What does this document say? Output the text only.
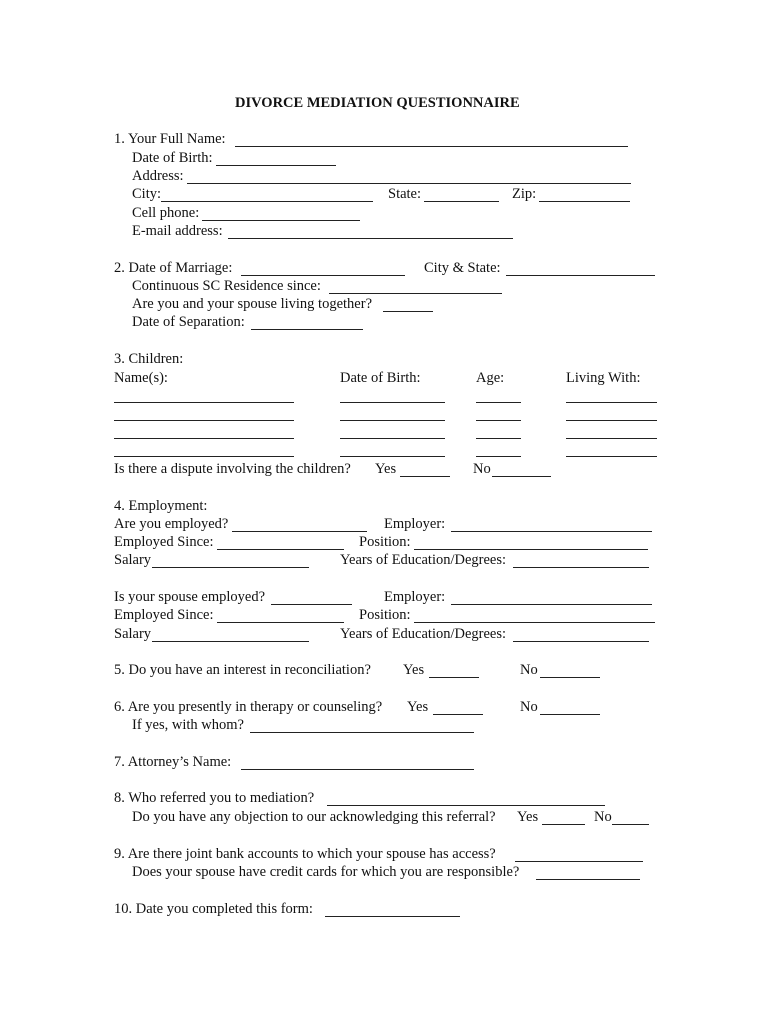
DIVORCE MEDIATION QUESTIONNAIRE
1. Your Full Name:
Date of Birth:
Address:
City:	State:	Zip:
Cell phone:
E-mail address:
2. Date of Marriage:	City & State:
Continuous SC Residence since:
Are you and your spouse living together?
Date of Separation:
3. Children:
Name(s):	Date of Birth:	Age:	Living With:
Is there a dispute involving the children? Yes	No
4. Employment:
Are you employed?	Employer:
Employed Since:	Position:
Salary	Years of Education/Degrees:
Is your spouse employed?	Employer:
Employed Since:	Position:
Salary	Years of Education/Degrees:
5. Do you have an interest in reconciliation? Yes	No
6. Are you presently in therapy or counseling? Yes	No
If yes, with whom?
7. Attorney’s Name:
8. Who referred you to mediation?
Do you have any objection to our acknowledging this referral? Yes	No
9. Are there joint bank accounts to which your spouse has access?
Does your spouse have credit cards for which you are responsible?
10. Date you completed this form:
